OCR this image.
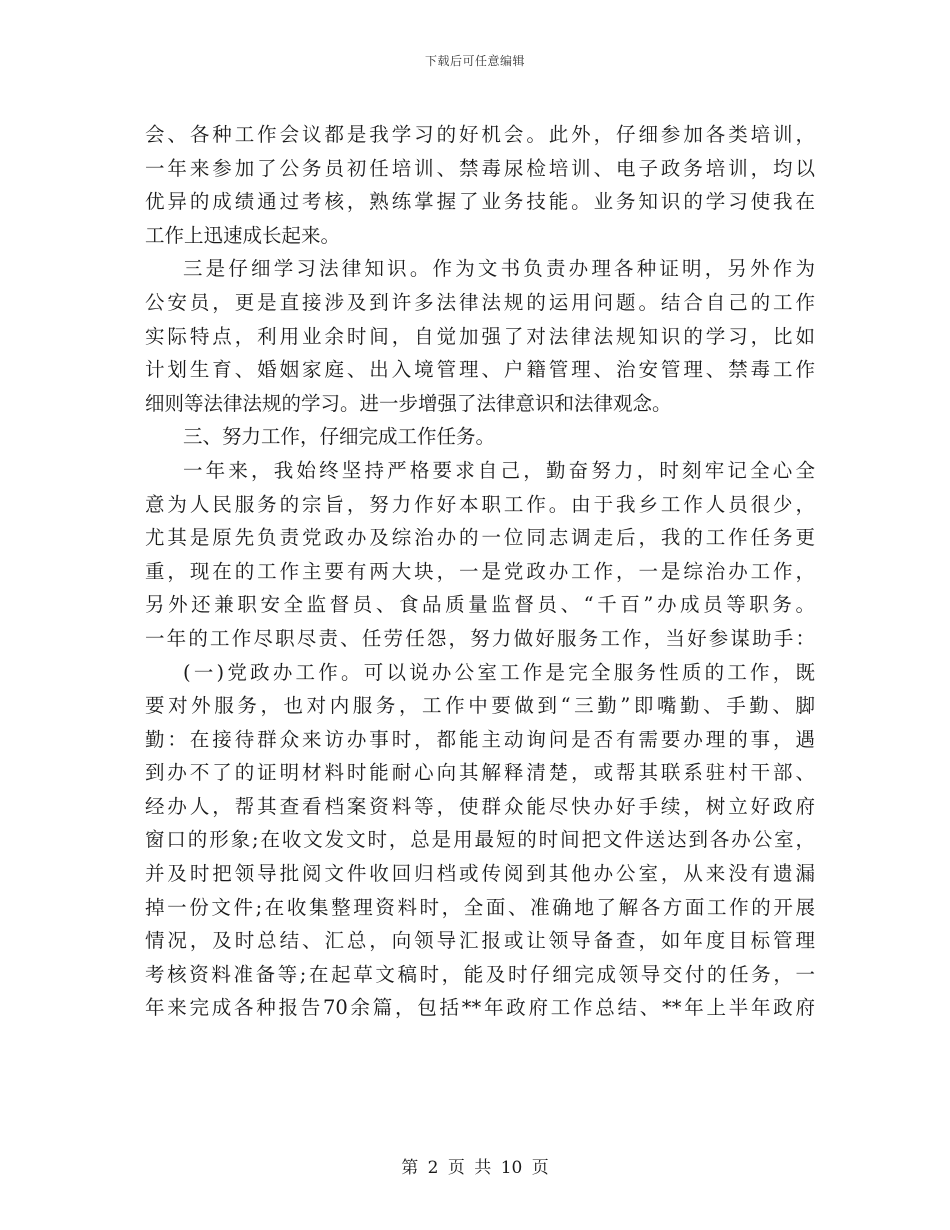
下载后可任意编辑
会、各种工作会议都是我学习的好机会。此外，仔细参加各类培训，
一年来参加了公务员初任培训、禁毒尿检培训、电子政务培训，均以
优异的成绩通过考核，熟练掌握了业务技能。业务知识的学习使我在
工作上迅速成长起来。
三是仔细学习法律知识。作为文书负责办理各种证明，另外作为
公安员，更是直接涉及到许多法律法规的运用问题。结合自己的工作
实际特点，利用业余时间，自觉加强了对法律法规知识的学习，比如
计划生育、婚姻家庭、出入境管理、户籍管理、治安管理、禁毒工作
细则等法律法规的学习。进一步增强了法律意识和法律观念。
三、努力工作，仔细完成工作任务。
一年来，我始终坚持严格要求自己，勤奋努力，时刻牢记全心全
意为人民服务的宗旨，努力作好本职工作。由于我乡工作人员很少，
尤其是原先负责党政办及综治办的一位同志调走后，我的工作任务更
重，现在的工作主要有两大块，一是党政办工作，一是综治办工作，
另外还兼职安全监督员、食品质量监督员、“千百”办成员等职务。
一年的工作尽职尽责、任劳任怨，努力做好服务工作，当好参谋助手：
(一)党政办工作。可以说办公室工作是完全服务性质的工作，既
要对外服务，也对内服务，工作中要做到“三勤”即嘴勤、手勤、脚
勤：在接待群众来访办事时，都能主动询问是否有需要办理的事，遇
到办不了的证明材料时能耐心向其解释清楚，或帮其联系驻村干部、
经办人，帮其查看档案资料等，使群众能尽快办好手续，树立好政府
窗口的形象;在收文发文时，总是用最短的时间把文件送达到各办公室，
并及时把领导批阅文件收回归档或传阅到其他办公室，从来没有遗漏
掉一份文件;在收集整理资料时，全面、准确地了解各方面工作的开展
情况，及时总结、汇总，向领导汇报或让领导备查，如年度目标管理
考核资料准备等;在起草文稿时，能及时仔细完成领导交付的任务，一
年来完成各种报告70余篇，包括**年政府工作总结、**年上半年政府
第 2 页 共 10 页
